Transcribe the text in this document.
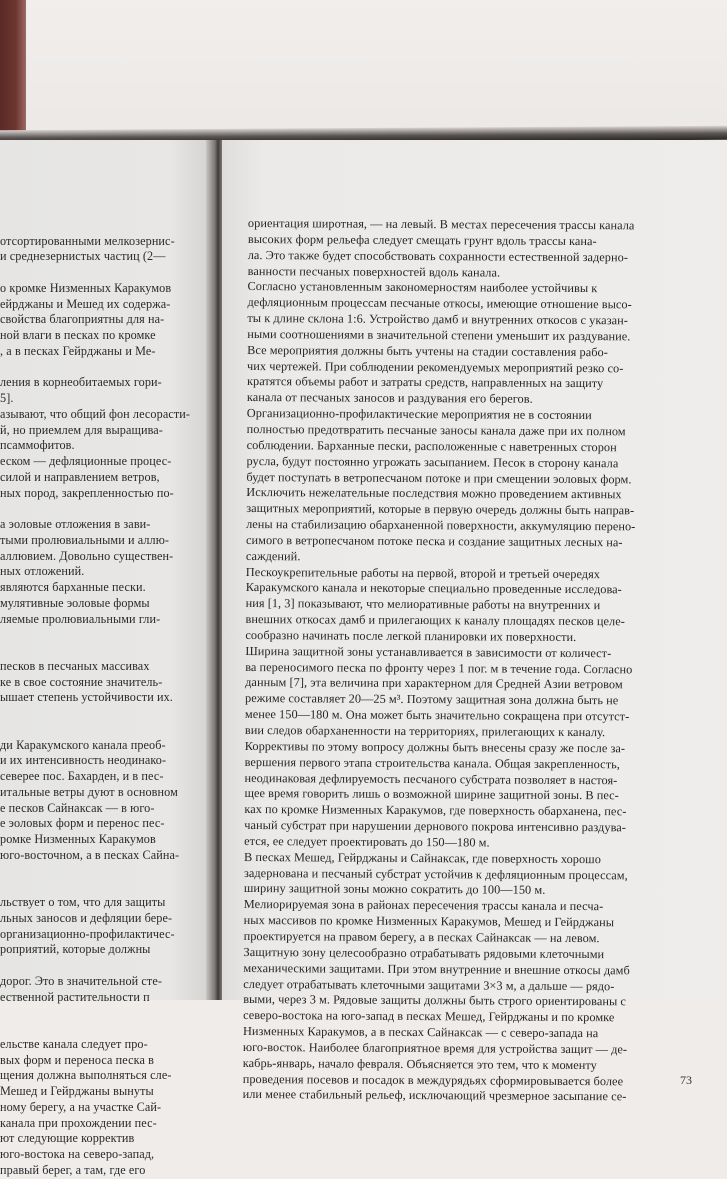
отсортированными мелкозернис-
и среднезернистых частиц (2—
о кромке Низменных Каракумов
ейрджаны и Мешед их содержа-
свойства благоприятны для на-
ной влаги в песках по кромке
, а в песках Гейрджаны и Ме-
ления в корнеобитаемых гори-
5].
азывают, что общий фон лесорасти-
й, но приемлем для выращива-
псаммофитов.
еском — дефляционные процес-
силой и направлением ветров,
ных пород, закрепленностью по-
а эоловые отложения в зави-
тыми пролювиальными и аллю-
аллювием. Довольно существен-
ных отложений.
являются барханные пески.
мулятивные эоловые формы
ляемые пролювиальными гли-
песков в песчаных массивах
ке в свое состояние значитель-
ышает степень устойчивости их.
ди Каракумского канала преоб-
и их интенсивность неодинако-
северее пос. Бахарден, и в пес-
итальные ветры дуют в основном
е песков Сайнаксак — в юго-
е эоловых форм и перенос пес-
ромке Низменных Каракумов
юго-восточном, а в песках Сайна-
льствует о том, что для защиты
льных заносов и дефляции бере-
организационно-профилактичес-
роприятий, которые должны
дорог. Это в значительной сте-
ественной растительности п
ельстве канала следует про-
вых форм и переноса песка в
щения должна выполняться сле-
Мешед и Гейрджаны вынуты
ному берегу, а на участке Сай-
канала при прохождении пес-
ют следующие корректив
юго-востока на северо-запад,
правый берег, а там, где его
ориентация широтная, — на левый. В местах пересечения трассы канала
высоких форм рельефа следует смещать грунт вдоль трассы кана-
ла. Это также будет способствовать сохранности естественной задерно-
ванности песчаных поверхностей вдоль канала.
Согласно установленным закономерностям наиболее устойчивы к
дефляционным процессам песчаные откосы, имеющие отношение высо-
ты к длине склона 1:6. Устройство дамб и внутренних откосов с указан-
ными соотношениями в значительной степени уменьшит их раздувание.
Все мероприятия должны быть учтены на стадии составления рабо-
чих чертежей. При соблюдении рекомендуемых мероприятий резко со-
кратятся объемы работ и затраты средств, направленных на защиту
канала от песчаных заносов и раздувания его берегов.
Организационно-профилактические мероприятия не в состоянии
полностью предотвратить песчаные заносы канала даже при их полном
соблюдении. Барханные пески, расположенные с наветренных сторон
русла, будут постоянно угрожать засыпанием. Песок в сторону канала
будет поступать в ветропесчаном потоке и при смещении эоловых форм.
Исключить нежелательные последствия можно проведением активных
защитных мероприятий, которые в первую очередь должны быть направ-
лены на стабилизацию обарханенной поверхности, аккумуляцию перено-
симого в ветропесчаном потоке песка и создание защитных лесных на-
саждений.
Пескоукрепительные работы на первой, второй и третьей очередях
Каракумского канала и некоторые специально проведенные исследова-
ния [1, 3] показывают, что мелиоративные работы на внутренних и
внешних откосах дамб и прилегающих к каналу площадях песков целе-
сообразно начинать после легкой планировки их поверхности.
Ширина защитной зоны устанавливается в зависимости от количест-
ва переносимого песка по фронту через 1 пог. м в течение года. Согласно
данным [7], эта величина при характерном для Средней Азии ветровом
режиме составляет 20—25 м³. Поэтому защитная зона должна быть не
менее 150—180 м. Она может быть значительно сокращена при отсутст-
вии следов обарханенности на территориях, прилегающих к каналу.
Коррективы по этому вопросу должны быть внесены сразу же после за-
вершения первого этапа строительства канала. Общая закрепленность,
неодинаковая дефлируемость песчаного субстрата позволяет в настоя-
щее время говорить лишь о возможной ширине защитной зоны. В пес-
ках по кромке Низменных Каракумов, где поверхность обарханена, пес-
чаный субстрат при нарушении дернового покрова интенсивно раздува-
ется, ее следует проектировать до 150—180 м.
В песках Мешед, Гейрджаны и Сайнаксак, где поверхность хорошо
задернована и песчаный субстрат устойчив к дефляционным процессам,
ширину защитной зоны можно сократить до 100—150 м.
Мелиорируемая зона в районах пересечения трассы канала и песча-
ных массивов по кромке Низменных Каракумов, Мешед и Гейрджаны
проектируется на правом берегу, а в песках Сайнаксак — на левом.
Защитную зону целесообразно отрабатывать рядовыми клеточными
механическими защитами. При этом внутренние и внешние откосы дамб
следует отрабатывать клеточными защитами 3×3 м, а дальше — рядо-
выми, через 3 м. Рядовые защиты должны быть строго ориентированы с
северо-востока на юго-запад в песках Мешед, Гейрджаны и по кромке
Низменных Каракумов, а в песках Сайнаксак — с северо-запада на
юго-восток. Наиболее благоприятное время для устройства защит — де-
кабрь-январь, начало февраля. Объясняется это тем, что к моменту
проведения посевов и посадок в междурядьях сформировывается более
или менее стабильный рельеф, исключающий чрезмерное засыпание се-
73
